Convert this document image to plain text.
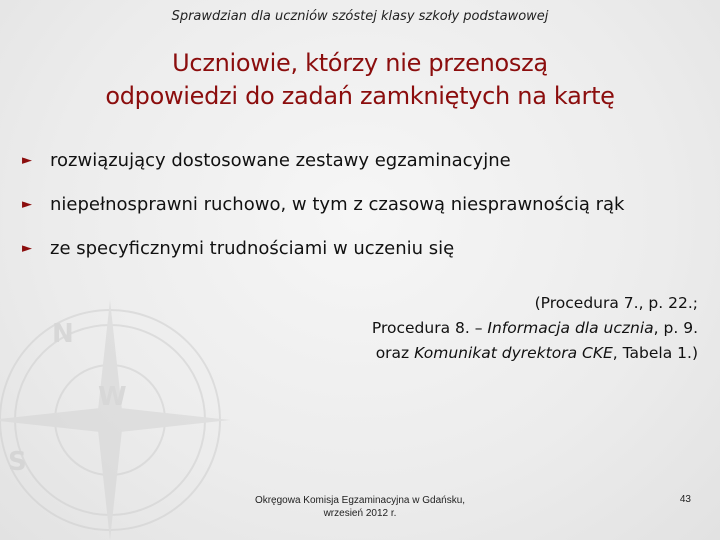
N
S
W
Sprawdzian dla uczniów szóstej klasy szkoły podstawowej
Uczniowie, którzy nie przenoszą
odpowiedzi do zadań zamkniętych na kartę
► rozwiązujący dostosowane zestawy egzaminacyjne
► niepełnosprawni ruchowo, w tym z czasową niesprawnością rąk
► ze specyficznymi trudnościami w uczeniu się
(Procedura 7., p. 22.;
Procedura 8. – Informacja dla ucznia, p. 9.
oraz Komunikat dyrektora CKE, Tabela 1.)
Okręgowa Komisja Egzaminacyjna w Gdańsku,
wrzesień 2012 r.
43
